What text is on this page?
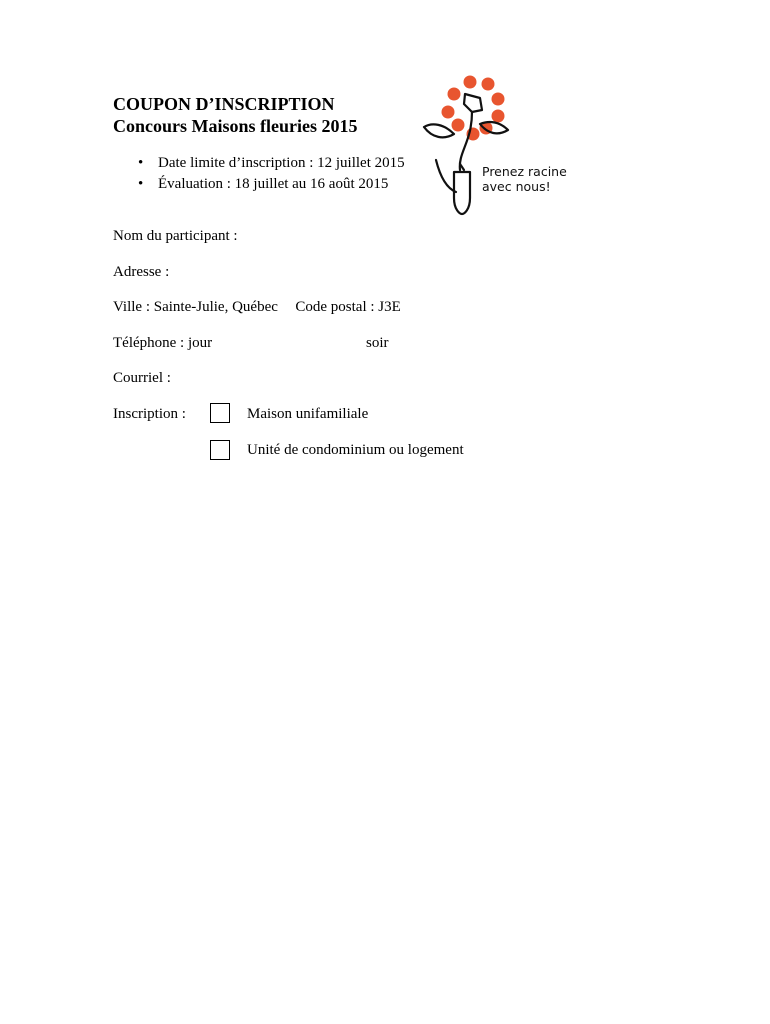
COUPON D’INSCRIPTION
Concours Maisons fleuries 2015
• Date limite d’inscription : 12 juillet 2015
• Évaluation : 18 juillet au 16 août 2015
Prenez racine
avec nous!
Nom du participant :
Adresse :
Ville : Sainte-Julie, Québec Code postal : J3E
Téléphone : jour	soir
Courriel :
Inscription :	Maison unifamiliale
Unité de condominium ou logement
